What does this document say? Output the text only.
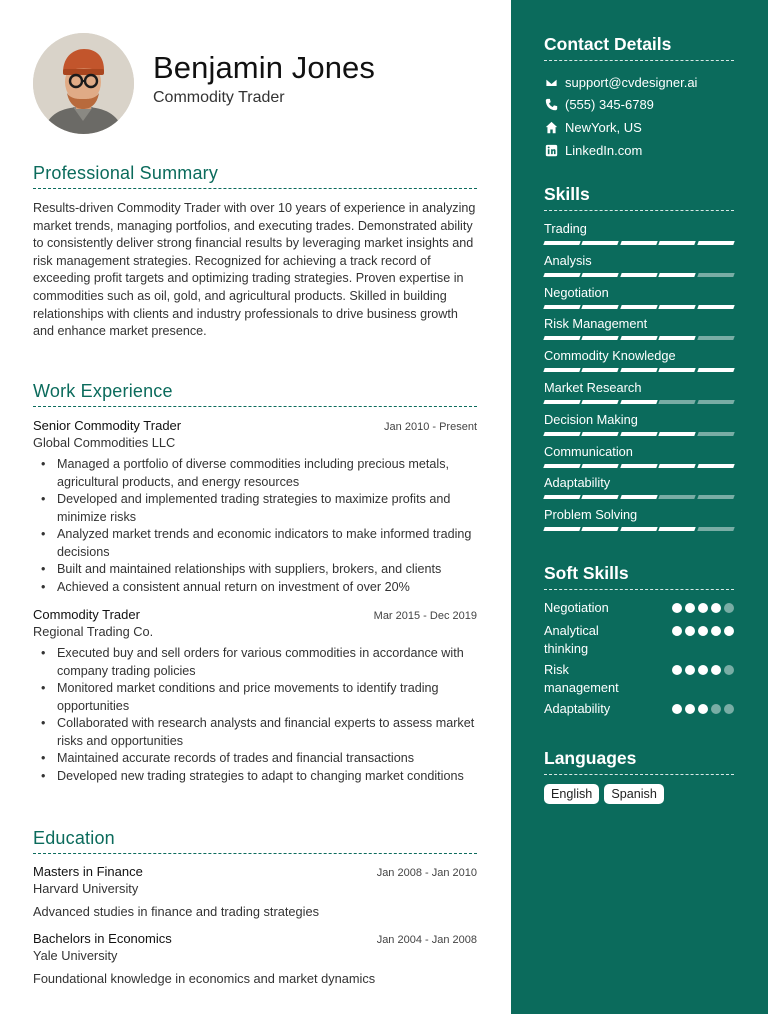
Benjamin Jones
Commodity Trader
Professional Summary
Results-driven Commodity Trader with over 10 years of experience in analyzing market trends, managing portfolios, and executing trades. Demonstrated ability to consistently deliver strong financial results by leveraging market insights and risk management strategies. Recognized for achieving a track record of exceeding profit targets and optimizing trading strategies. Proven expertise in commodities such as oil, gold, and agricultural products. Skilled in building relationships with clients and industry professionals to drive business growth and enhance market presence.
Work Experience
Senior Commodity Trader	Jan 2010 - Present
Global Commodities LLC
• Managed a portfolio of diverse commodities including precious metals, agricultural products, and energy resources
• Developed and implemented trading strategies to maximize profits and minimize risks
• Analyzed market trends and economic indicators to make informed trading decisions
• Built and maintained relationships with suppliers, brokers, and clients
• Achieved a consistent annual return on investment of over 20%
Commodity Trader	Mar 2015 - Dec 2019
Regional Trading Co.
• Executed buy and sell orders for various commodities in accordance with company trading policies
• Monitored market conditions and price movements to identify trading opportunities
• Collaborated with research analysts and financial experts to assess market risks and opportunities
• Maintained accurate records of trades and financial transactions
• Developed new trading strategies to adapt to changing market conditions
Education
Masters in Finance	Jan 2008 - Jan 2010
Harvard University
Advanced studies in finance and trading strategies
Bachelors in Economics	Jan 2004 - Jan 2008
Yale University
Foundational knowledge in economics and market dynamics
Contact Details
support@cvdesigner.ai
(555) 345-6789
NewYork, US
LinkedIn.com
Skills
Trading
Analysis
Negotiation
Risk Management
Commodity Knowledge
Market Research
Decision Making
Communication
Adaptability
Problem Solving
Soft Skills
Negotiation
Analytical thinking
Risk management
Adaptability
Languages
English	Spanish
